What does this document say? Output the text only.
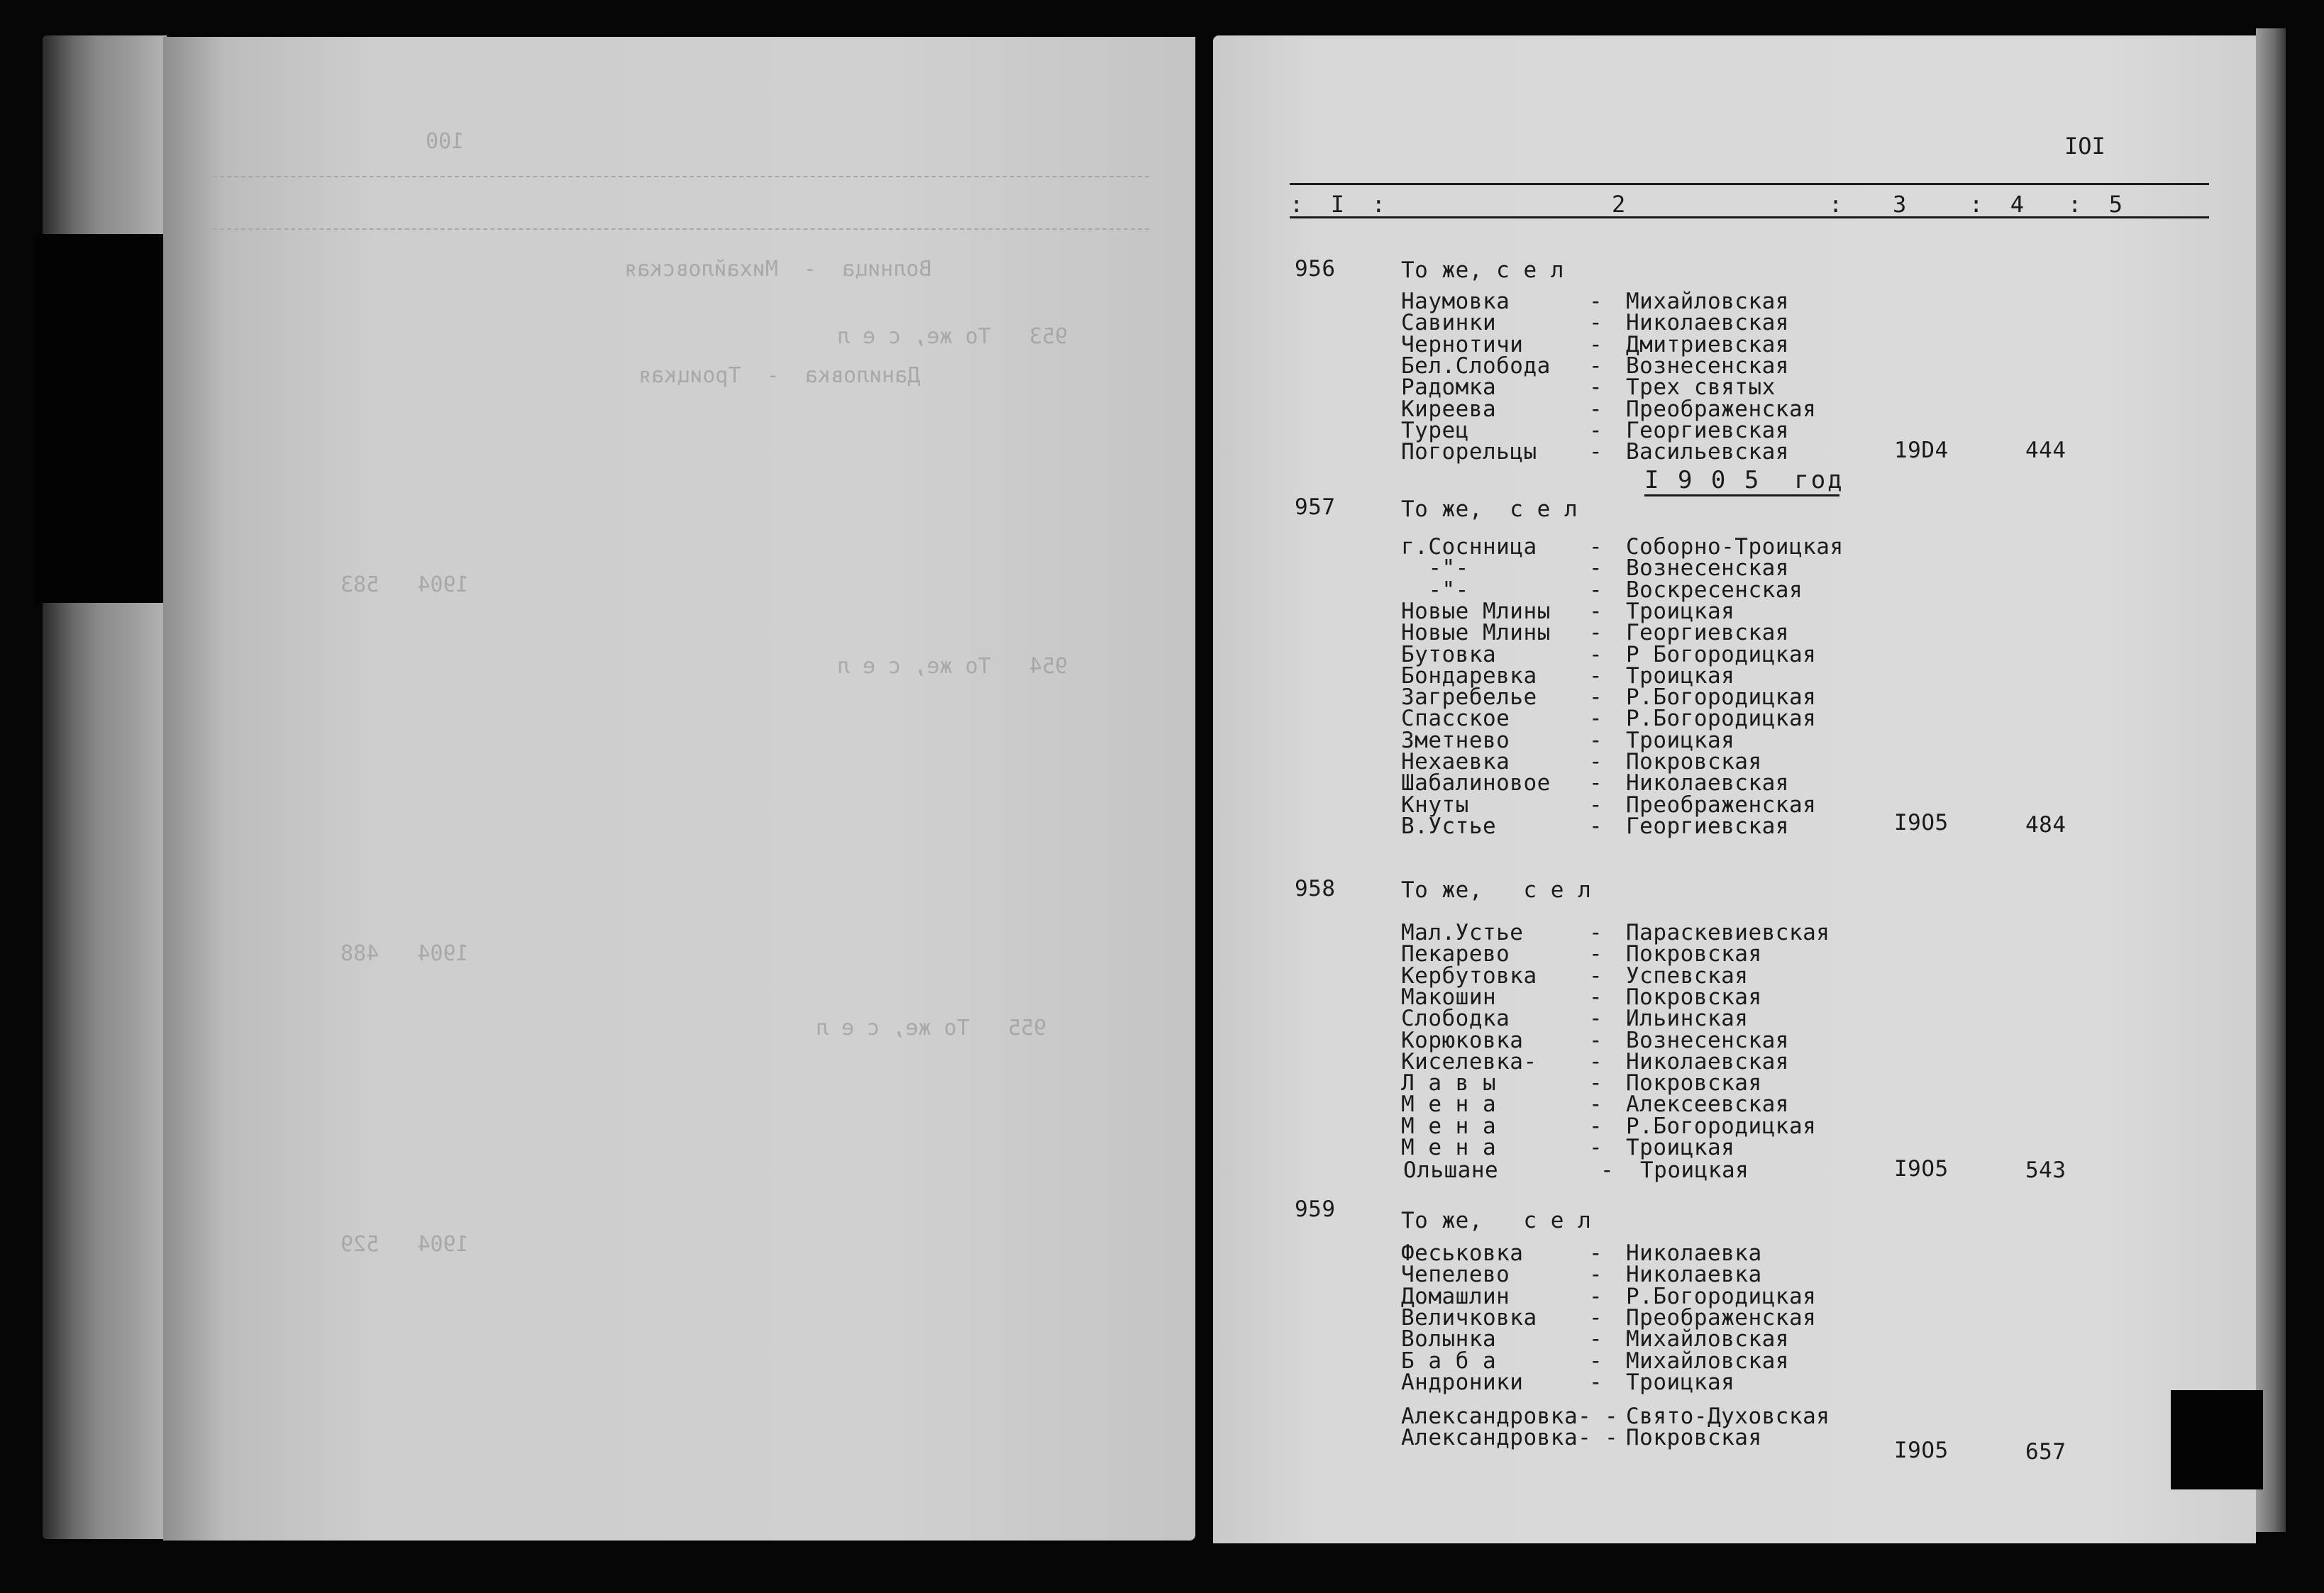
100
Волница  -  Михайловская
953   То же, с е л
Даниловка  -  Троицкая
1904   583
954   То же, с е л
1904   488
955   То же, с е л
1904   529
IOI
:  I  :	2	: 3	:  4 :  5
956	То же, с е л
Наумовка	- Михайловская
Савинки	- Николаевская
Чернотичи	- Дмитриевская
Бел.Слобода - Вознесенская
Радомка	- Трех святых
Киреева	- Преображенская
Турец	- Георгиевская
Погорельцы - Васильевская	19D4	444
957	То же,  с е л
г.Соснница - Соборно-Троицкая
-"-	- Вознесенская
-"-	- Воскресенская
Новые Млины - Троицкая
Новые Млины - Георгиевская
Бутовка	- Р Богородицкая
Бондаревка - Троицкая
Загребелье - Р.Богородицкая
Спасское	- Р.Богородицкая
Зметнево	- Троицкая
Нехаевка	- Покровская
Шабалиновое - Николаевская
Кнуты	- Преображенская
В.Устье	- Георгиевская	I9O5	484
958	То же,   с е л
Мал.Устье	- Параскевиевская
Пекарево	- Покровская
Кербутовка - Успевская
Макошин	- Покровская
Слободка	- Ильинская
Корюковка	- Вознесенская
Киселевка- - Николаевская
Л а в ы	- Покровская
М е н а	- Алексеевская
М е н а	- Р.Богородицкая
М е н а	- Троицкая
Ольшане	- Троицкая	I9O5	543
959	То же,   с е л
Феськовка	- Николаевка
Чепелево	- Николаевка
Домашлин	- Р.Богородицкая
Величковка - Преображенская
Волынка	- Михайловская
Б а б а	- Михайловская
Андроники	- Троицкая
Александровка- - Свято-Духовская
Александровка- - Покровская	I9O5	657
I 9 0 5  год
